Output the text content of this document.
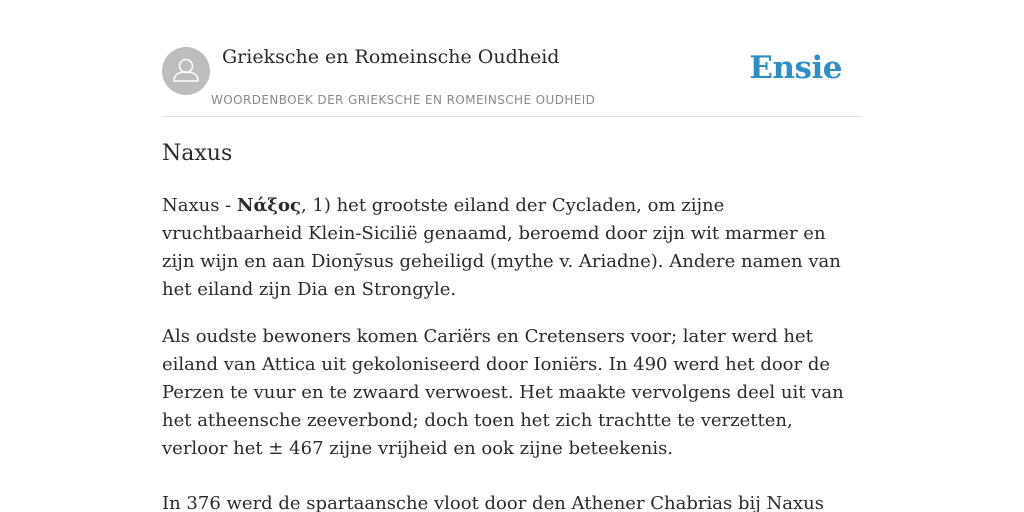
Grieksche en Romeinsche Oudheid
WOORDENBOEK DER GRIEKSCHE EN ROMEINSCHE OUDHEID
Ensie
Naxus

Naxus - Νάξος, 1) het grootste eiland der Cycladen, om zijne vruchtbaarheid Klein-Sicilië genaamd, beroemd door zijn wit marmer en zijn wijn en aan Dionȳsus geheiligd (mythe v. Ariadne). Andere namen van het eiland zijn Dia en Strongyle.

Als oudste bewoners komen Cariërs en Cretensers voor; later werd het eiland van Attica uit gekoloniseerd door Ioniërs. In 490 werd het door de Perzen te vuur en te zwaard verwoest. Het maakte vervolgens deel uit van het atheensche zeeverbond; doch toen het zich trachtte te verzetten, verloor het ± 467 zijne vrijheid en ook zijne beteekenis.

In 376 werd de spartaansche vloot door den Athener Chabrias bij Naxus
